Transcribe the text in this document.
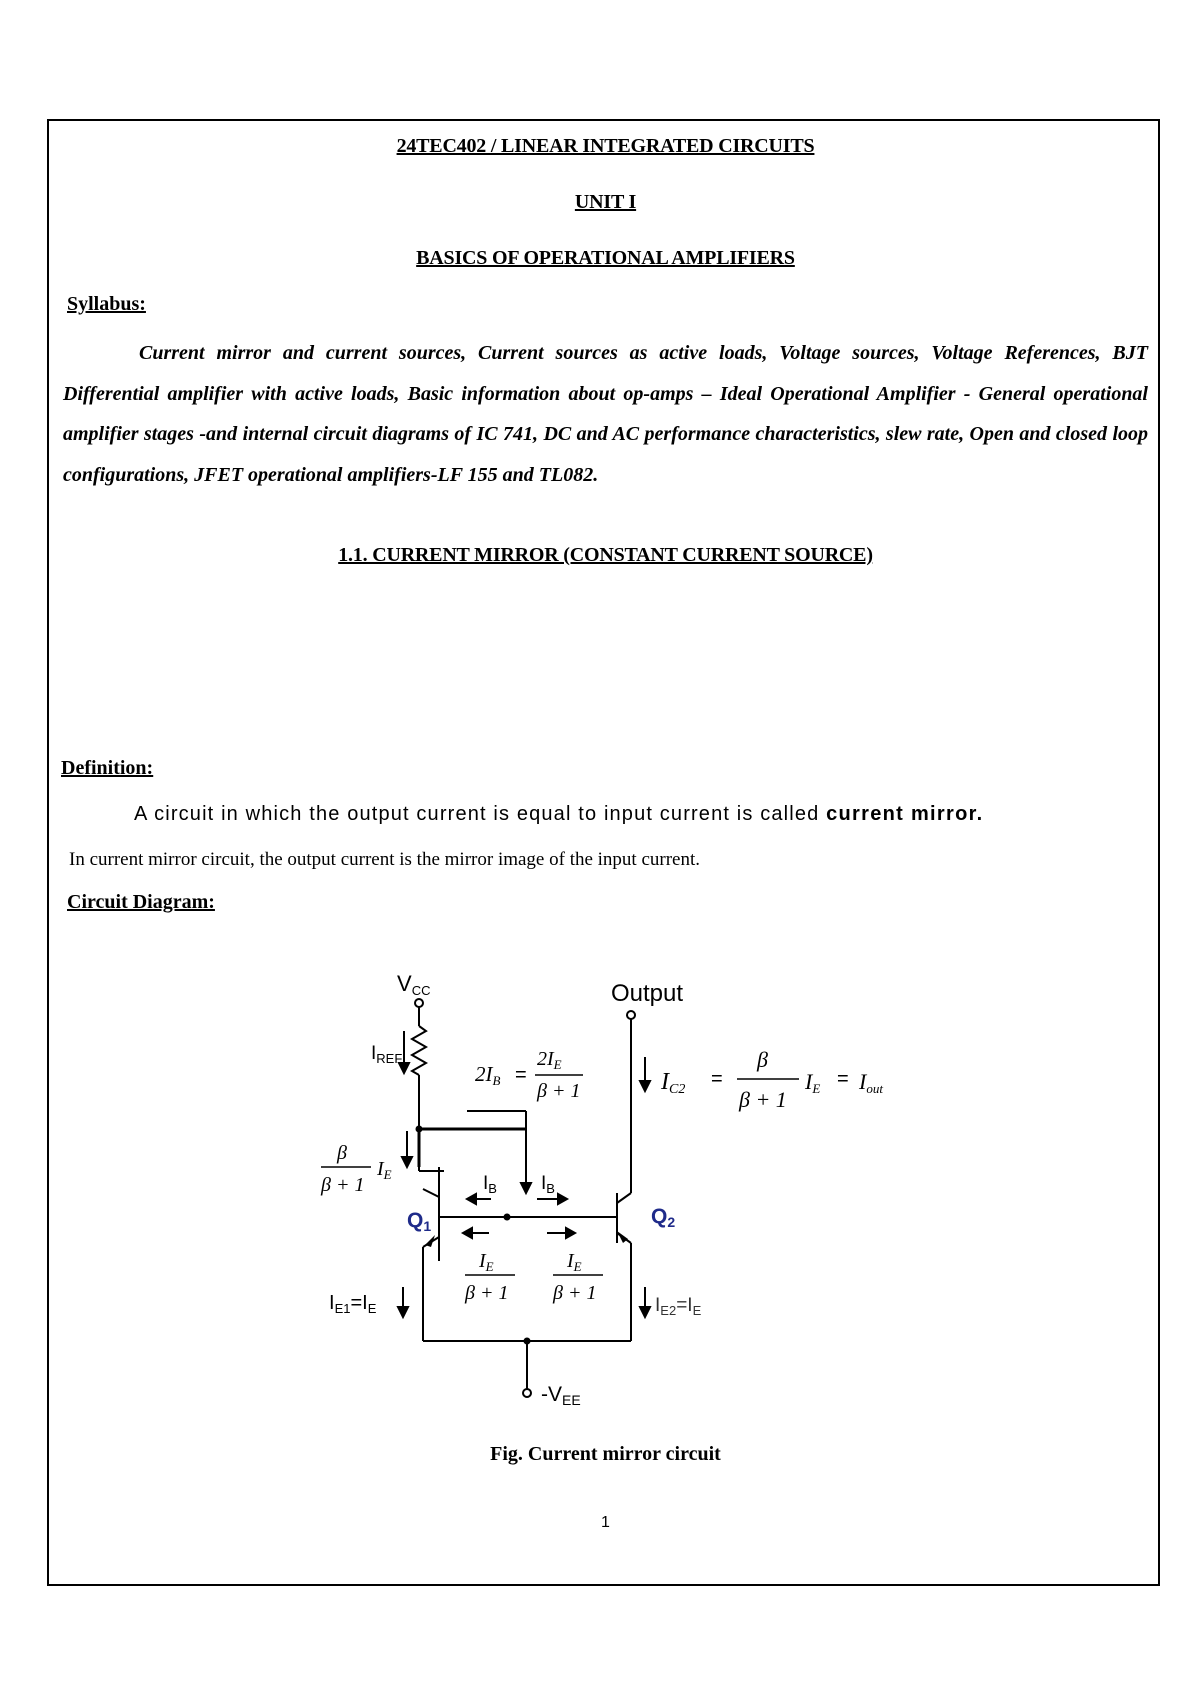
24TEC402 / LINEAR INTEGRATED CIRCUITS
UNIT I
BASICS OF OPERATIONAL AMPLIFIERS
Syllabus:
Current mirror and current sources, Current sources as active loads, Voltage sources, Voltage References, BJT Differential amplifier with active loads, Basic information about op-amps – Ideal Operational Amplifier - General operational amplifier stages -and internal circuit diagrams of IC 741, DC and AC performance characteristics, slew rate, Open and closed loop configurations, JFET operational amplifiers-LF 155 and TL082.
1.1. CURRENT MIRROR (CONSTANT CURRENT SOURCE)
Definition:
A circuit in which the output current is equal to input current is called current mirror.
In current mirror circuit, the output current is the mirror image of the input current.
Circuit Diagram:
VCC	Output
$I_{REF}$
2IB =
$2I_E$
β + 1
β
β + 1
$I_E$	$I_B$ $I_B$
Q1	Q2
IC2 =
β
β + 1
IE = Iout
$I_E$
β + 1
$I_E$
β + 1
$I_{E1}=I_E$	$I_{E2}=I_E$
-VEE
Fig. Current mirror circuit
1
